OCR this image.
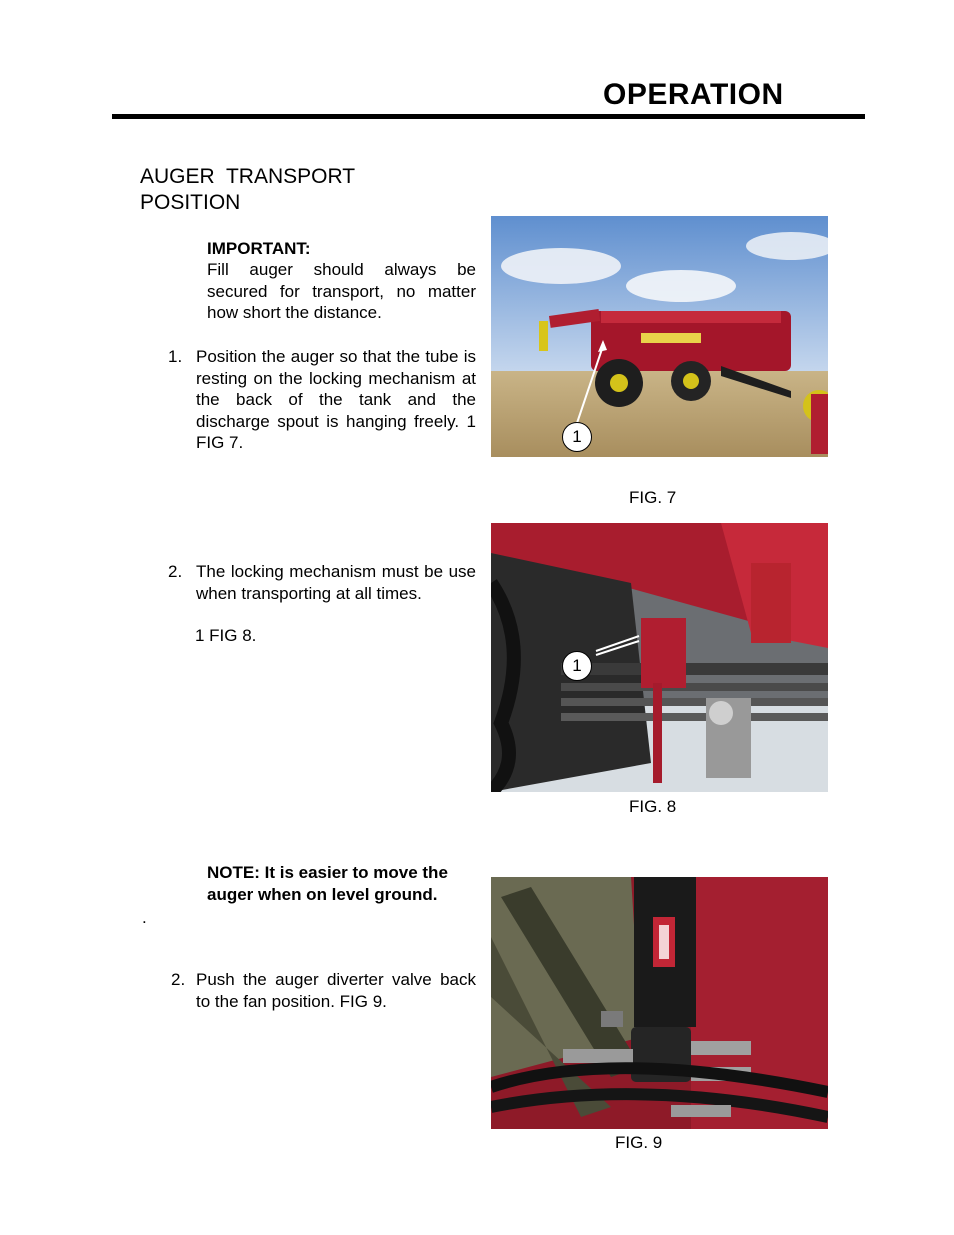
OPERATION
AUGER  TRANSPORT
POSITION
IMPORTANT:
Fill auger should always be secured for transport, no matter how short the distance.
1. Position the auger so that the tube is resting on the locking mechanism at the back of the tank and the discharge spout is hanging freely. 1 FIG 7.
2. The locking mechanism must be use when transporting at all times.
1 FIG 8.
NOTE: It is easier to move the auger when on level ground.
.
2. Push the auger diverter valve back to the fan position. FIG 9.
1
FIG. 7
1
FIG. 8
FIG. 9
